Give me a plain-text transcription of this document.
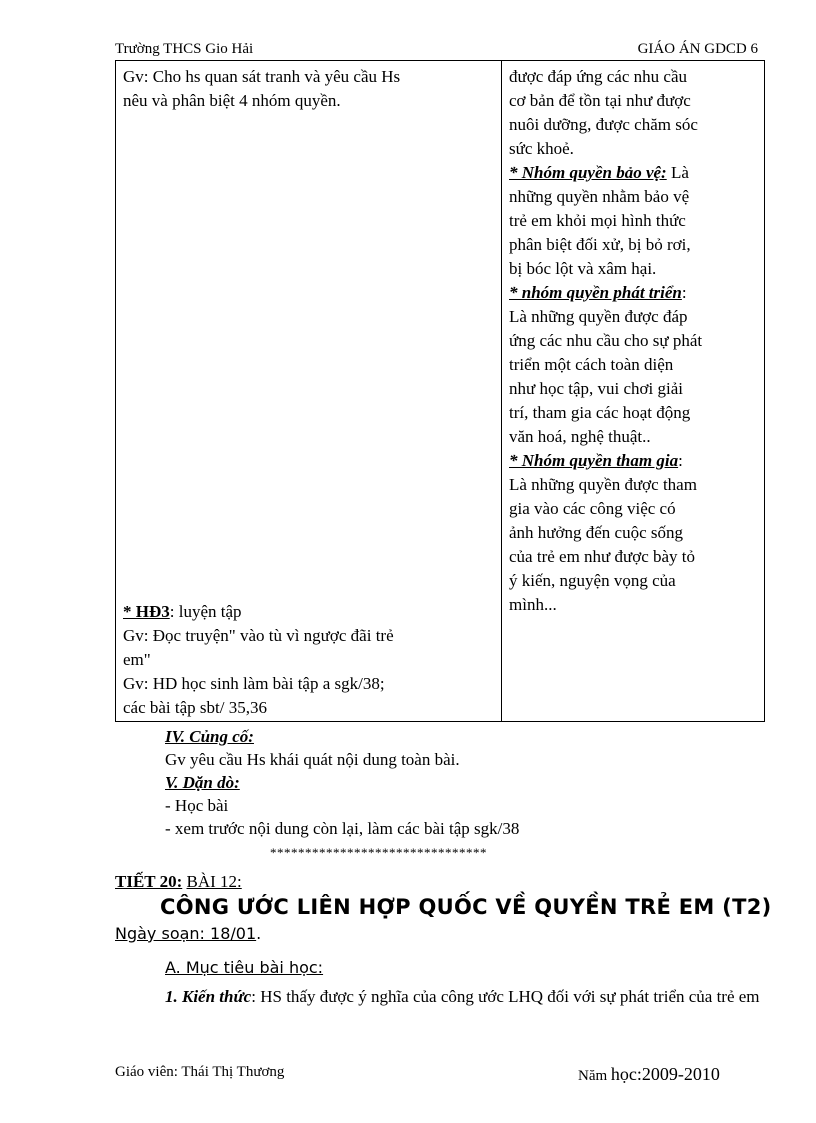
Trường THCS Gio Hải	GIÁO ÁN GDCD 6

Gv: Cho hs quan sát tranh và yêu cầu Hs

nêu và phân biệt 4 nhóm quyền.

* HĐ3: luyện tập

Gv: Đọc truyện" vào tù vì ngược đãi trẻ

em"

Gv: HD học sinh làm bài tập a sgk/38;

các bài tập sbt/ 35,36

được đáp ứng các nhu cầu

cơ bản để tồn tại như được

nuôi dưỡng, được chăm sóc

sức khoẻ.

* Nhóm quyền bảo vệ: Là

những quyền nhằm bảo vệ

trẻ em khỏi mọi hình thức

phân biệt đối xử, bị bỏ rơi,

bị bóc lột và xâm hại.

* nhóm quyền phát triển:

Là những quyền được đáp

ứng các nhu cầu cho sự phát

triển một cách toàn diện

như học tập, vui chơi giải

trí, tham gia các hoạt động

văn hoá, nghệ thuật..

* Nhóm quyền tham gia:

Là những quyền được tham

gia vào các công việc có

ảnh hưởng đến cuộc sống

của trẻ em như được bày tỏ

ý kiến, nguyện vọng của

mình...

IV. Củng cố:

Gv yêu cầu Hs khái quát nội dung toàn bài.

V. Dặn dò:

- Học bài

- xem trước nội dung còn lại, làm các bài tập sgk/38

*******************************
TIẾT 20: BÀI 12:
CÔNG ƯỚC LIÊN HỢP QUỐC VỀ QUYỀN TRẺ EM (T2)
Ngày soạn: 18/01.
A. Mục tiêu bài học:
1. Kiến thức: HS thấy được ý nghĩa của công ước LHQ đối với sự phát triển của trẻ em
Giáo viên: Thái Thị Thương	Năm học:2009-2010
